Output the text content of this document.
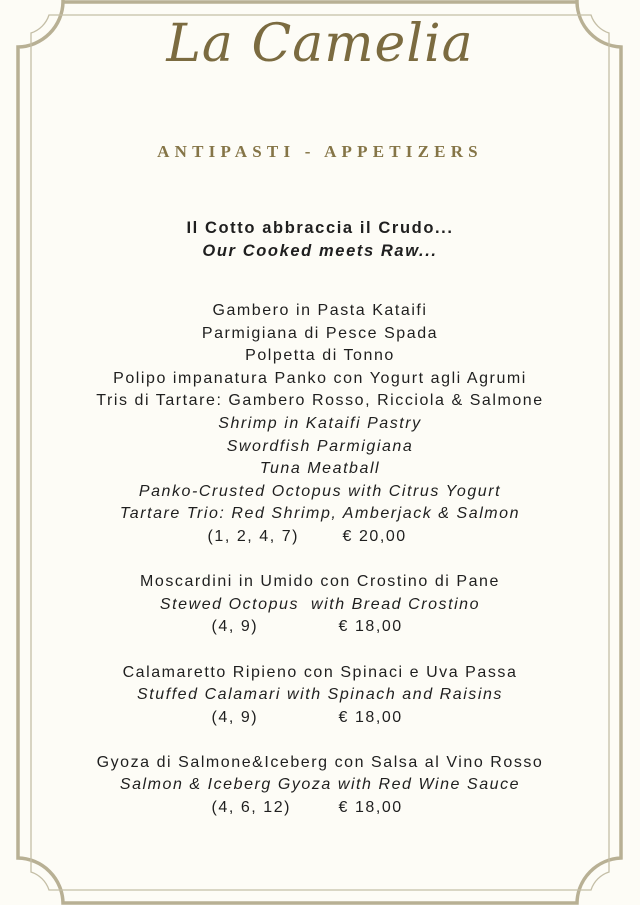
La Camelia
ANTIPASTI - APPETIZERS
Il Cotto abbraccia il Crudo...
Our Cooked meets Raw...
Gambero in Pasta Kataifi
Parmigiana di Pesce Spada
Polpetta di Tonno
Polipo impanatura Panko con Yogurt agli Agrumi
Tris di Tartare: Gambero Rosso, Ricciola & Salmone
Shrimp in Kataifi Pastry
Swordfish Parmigiana
Tuna Meatball
Panko-Crusted Octopus with Citrus Yogurt
Tartare Trio: Red Shrimp, Amberjack & Salmon
(1, 2, 4, 7)	€ 20,00
Moscardini in Umido con Crostino di Pane
Stewed Octopus  with Bread Crostino
(4, 9)	€ 18,00
Calamaretto Ripieno con Spinaci e Uva Passa
Stuffed Calamari with Spinach and Raisins
(4, 9)	€ 18,00
Gyoza di Salmone&Iceberg con Salsa al Vino Rosso
Salmon & Iceberg Gyoza with Red Wine Sauce
(4, 6, 12)	€ 18,00
